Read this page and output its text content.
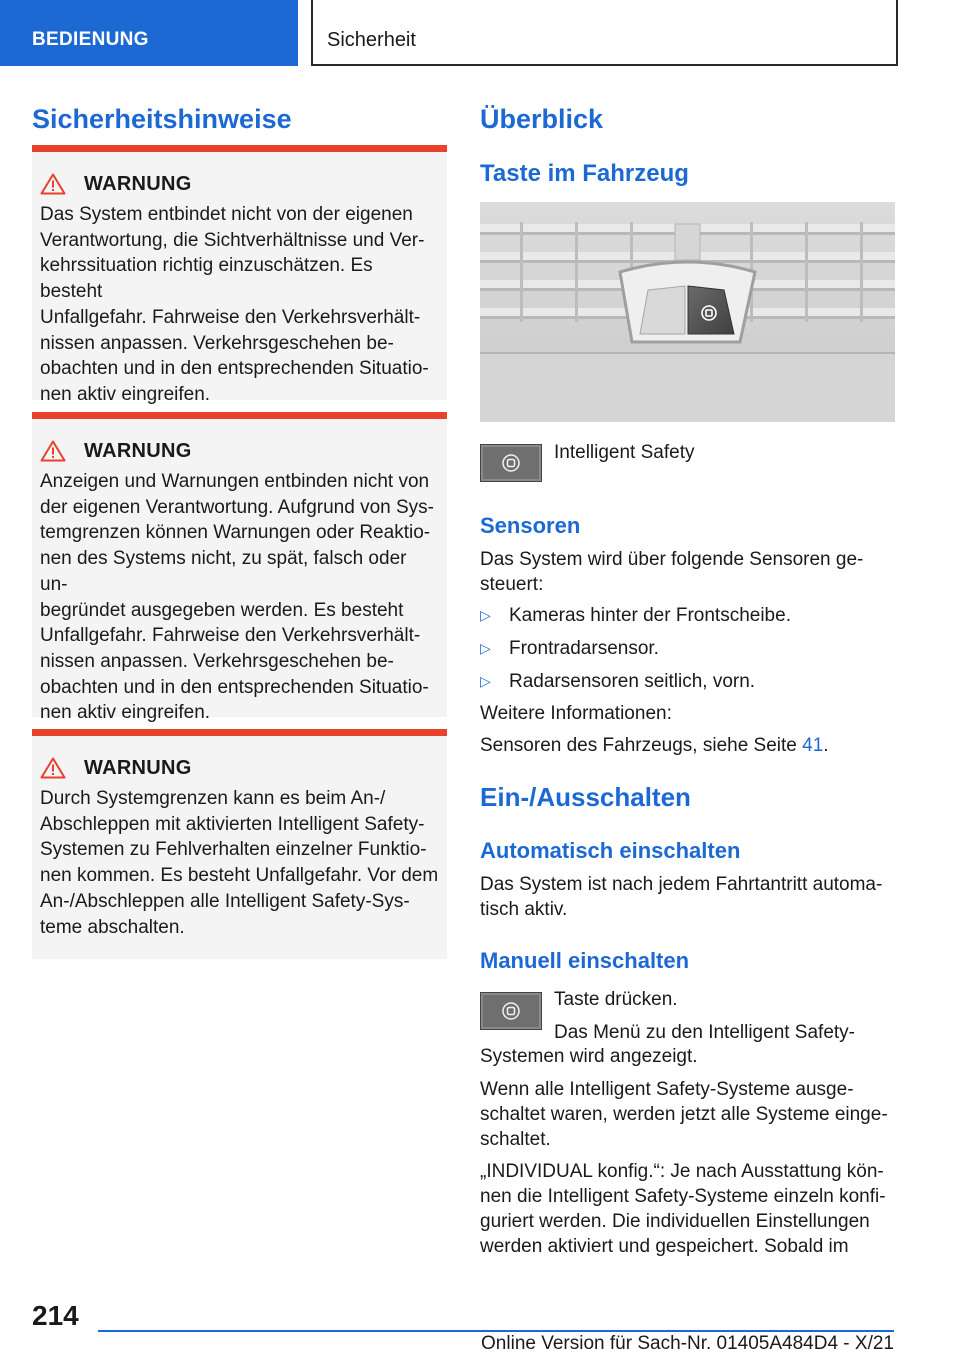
BEDIENUNG	Sicherheit
Sicherheitshinweise
WARNUNG

Das System entbindet nicht von der eigenen
Verantwortung, die Sichtverhältnisse und Ver-
kehrssituation richtig einzuschätzen. Es besteht
Unfallgefahr. Fahrweise den Verkehrsverhält-
nissen anpassen. Verkehrsgeschehen be-
obachten und in den entsprechenden Situatio-
nen aktiv eingreifen.

WARNUNG

Anzeigen und Warnungen entbinden nicht von
der eigenen Verantwortung. Aufgrund von Sys-
temgrenzen können Warnungen oder Reaktio-
nen des Systems nicht, zu spät, falsch oder un-
begründet ausgegeben werden. Es besteht
Unfallgefahr. Fahrweise den Verkehrsverhält-
nissen anpassen. Verkehrsgeschehen be-
obachten und in den entsprechenden Situatio-
nen aktiv eingreifen.

WARNUNG

Durch Systemgrenzen kann es beim An-/
Abschleppen mit aktivierten Intelligent Safety-
Systemen zu Fehlverhalten einzelner Funktio-
nen kommen. Es besteht Unfallgefahr. Vor dem
An-/Abschleppen alle Intelligent Safety-Sys-
teme abschalten.

Überblick
Taste im Fahrzeug
Intelligent Safety
Sensoren

Das System wird über folgende Sensoren ge-
steuert:

▷ Kameras hinter der Frontscheibe.
▷ Frontradarsensor.
▷ Radarsensoren seitlich, vorn.
Weitere Informationen:
Sensoren des Fahrzeugs, siehe Seite 41.
Ein-/Ausschalten
Automatisch einschalten

Das System ist nach jedem Fahrtantritt automa-
tisch aktiv.

Manuell einschalten
Taste drücken.
Das Menü zu den Intelligent Safety-
Systemen wird angezeigt.

Wenn alle Intelligent Safety-Systeme ausge-
schaltet waren, werden jetzt alle Systeme einge-
schaltet.

„INDIVIDUAL konfig.“: Je nach Ausstattung kön-
nen die Intelligent Safety-Systeme einzeln konfi-
guriert werden. Die individuellen Einstellungen
werden aktiviert und gespeichert. Sobald im

214
Online Version für Sach-Nr. 01405A484D4 - X/21
